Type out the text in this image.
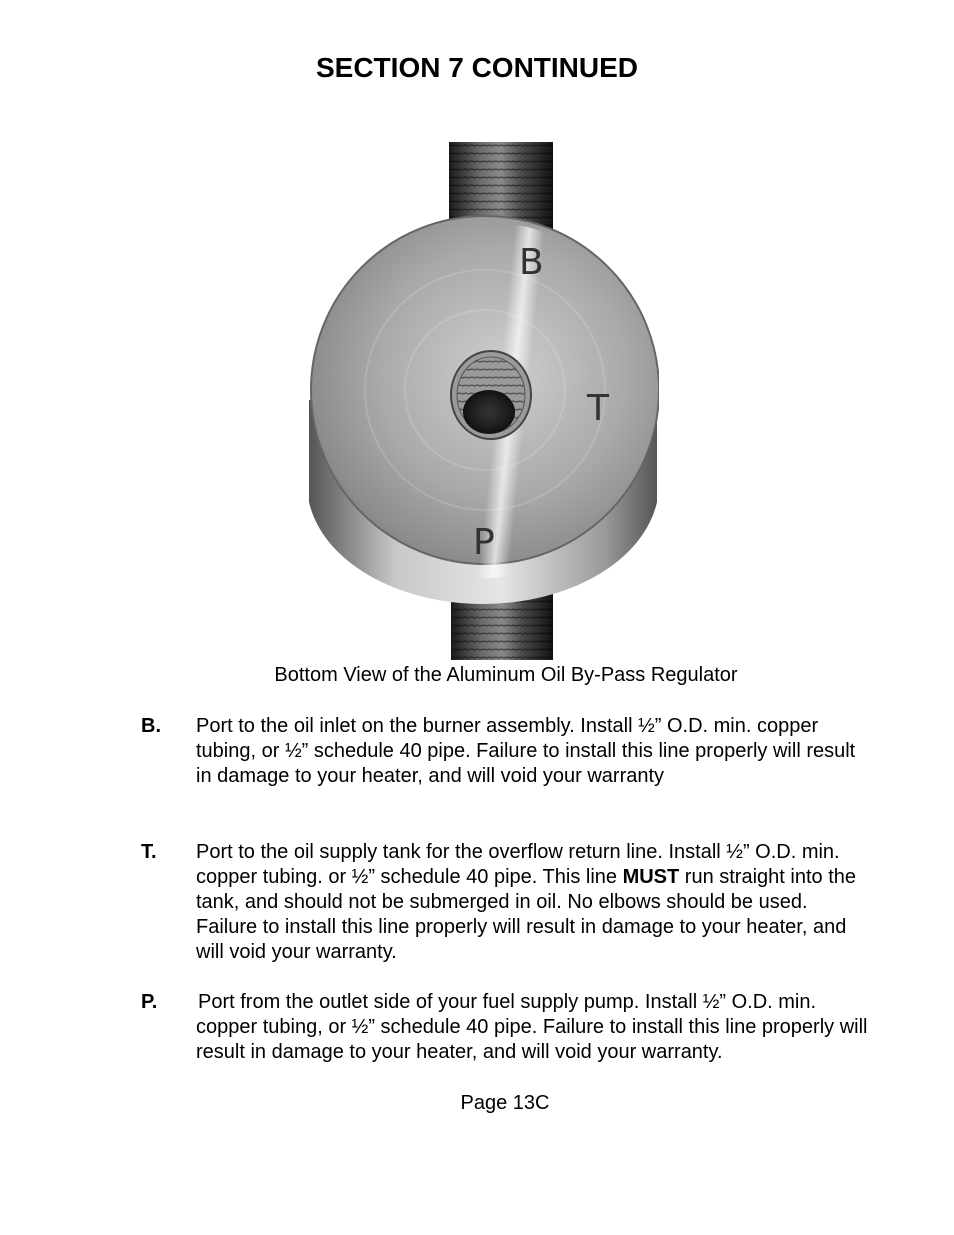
SECTION 7 CONTINUED
B
T
P
Bottom View of the Aluminum Oil By-Pass Regulator
B. Port to the oil inlet on the burner assembly. Install ½” O.D. min. copper tubing, or ½” schedule 40 pipe. Failure to install this line properly will result in damage to your heater, and will void your warranty
T. Port to the oil supply tank for the overflow return line. Install ½” O.D. min. copper tubing. or ½” schedule 40 pipe. This line MUST run straight into the tank, and should not be submerged in oil. No elbows should be used. Failure to install this line properly will result in damage to your heater, and will void your warranty.
P. Port from the outlet side of your fuel supply pump. Install ½” O.D. min. copper tubing, or ½” schedule 40 pipe. Failure to install this line properly will result in damage to your heater, and will void your warranty.
Page 13C
